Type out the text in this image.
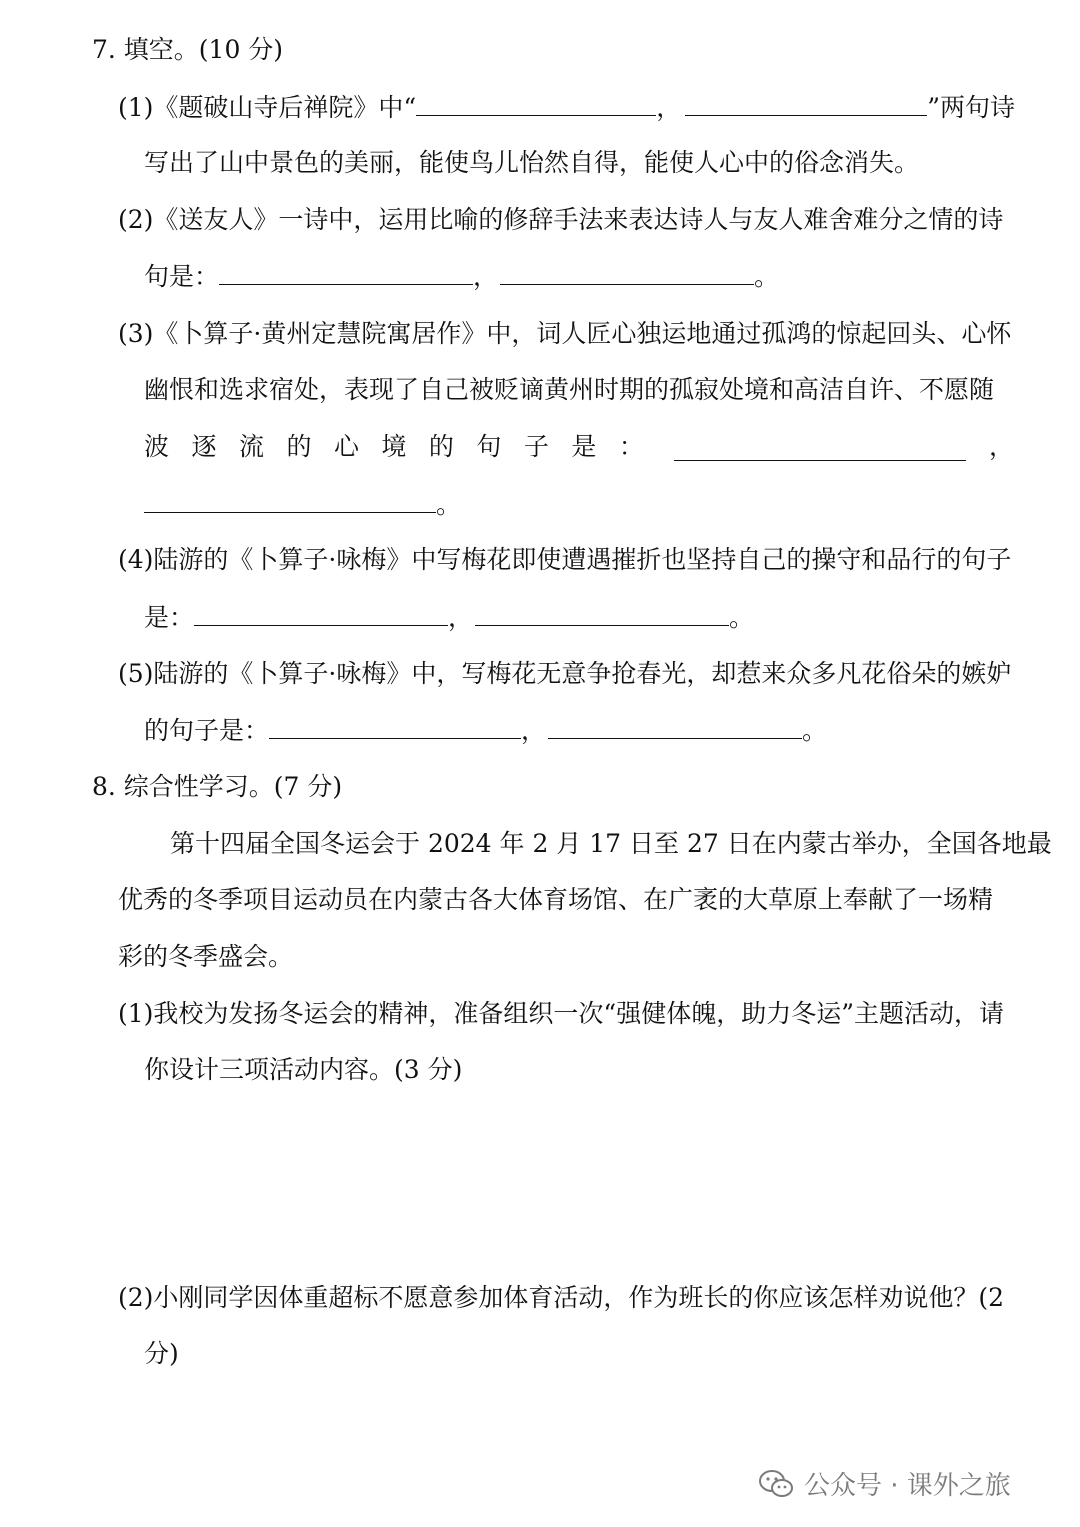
7. 填空。(10 分)
(1)《题破山寺后禅院》中“	，	”两句诗
写出了山中景色的美丽，能使鸟儿怡然自得，能使人心中的俗念消失。
(2)《送友人》一诗中，运用比喻的修辞手法来表达诗人与友人难舍难分之情的诗
句是：	，	。
(3)《卜算子·黄州定慧院寓居作》中，词人匠心独运地通过孤鸿的惊起回头、心怀
幽恨和选求宿处，表现了自己被贬谪黄州时期的孤寂处境和高洁自许、不愿随
波 逐 流 的 心 境 的 句 子 是 ：	，
。
(4)陆游的《卜算子·咏梅》中写梅花即使遭遇摧折也坚持自己的操守和品行的句子
是：	，	。
(5)陆游的《卜算子·咏梅》中，写梅花无意争抢春光，却惹来众多凡花俗朵的嫉妒
的句子是：	，	。
8. 综合性学习。(7 分)
第十四届全国冬运会于 2024 年 2 月 17 日至 27 日在内蒙古举办，全国各地最
优秀的冬季项目运动员在内蒙古各大体育场馆、在广袤的大草原上奉献了一场精
彩的冬季盛会。
(1)我校为发扬冬运会的精神，准备组织一次“强健体魄，助力冬运”主题活动，请
你设计三项活动内容。(3 分)
(2)小刚同学因体重超标不愿意参加体育活动，作为班长的你应该怎样劝说他？(2
分)
公众号 · 课外之旅
